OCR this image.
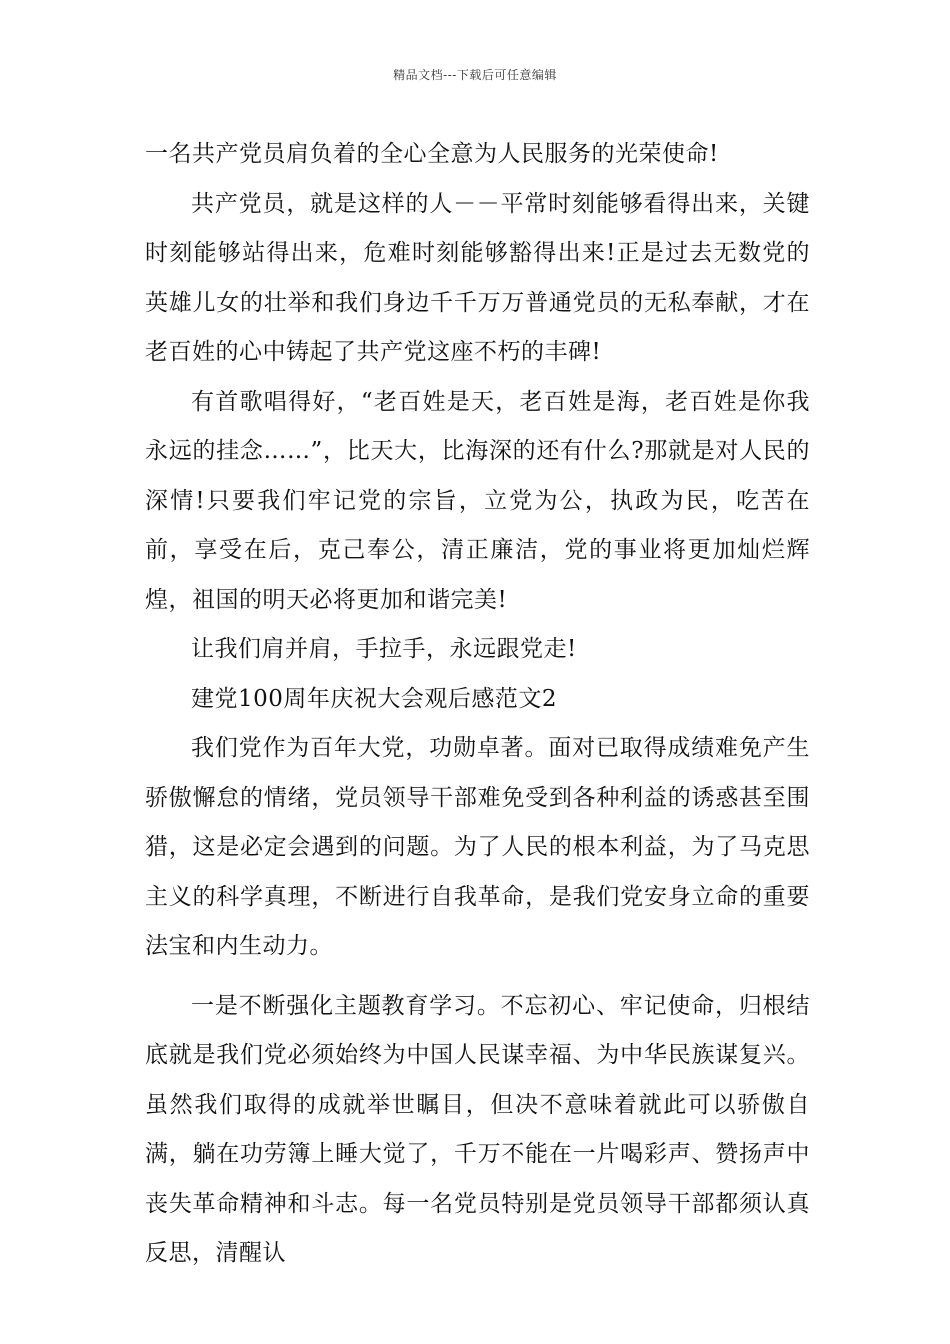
精品文档---下载后可任意编辑

一名共产党员肩负着的全心全意为人民服务的光荣使命!

共产党员，就是这样的人－－平常时刻能够看得出来，关键时刻能够站得出来，危难时刻能够豁得出来!正是过去无数党的英雄儿女的壮举和我们身边千千万万普通党员的无私奉献，才在老百姓的心中铸起了共产党这座不朽的丰碑!

有首歌唱得好，“老百姓是天，老百姓是海，老百姓是你我永远的挂念……”，比天大，比海深的还有什么?那就是对人民的深情!只要我们牢记党的宗旨，立党为公，执政为民，吃苦在前，享受在后，克己奉公，清正廉洁，党的事业将更加灿烂辉煌，祖国的明天必将更加和谐完美!

让我们肩并肩，手拉手，永远跟党走!

建党100周年庆祝大会观后感范文2

我们党作为百年大党，功勋卓著。面对已取得成绩难免产生骄傲懈怠的情绪，党员领导干部难免受到各种利益的诱惑甚至围猎，这是必定会遇到的问题。为了人民的根本利益，为了马克思主义的科学真理，不断进行自我革命，是我们党安身立命的重要法宝和内生动力。

一是不断强化主题教育学习。不忘初心、牢记使命，归根结底就是我们党必须始终为中国人民谋幸福、为中华民族谋复兴。虽然我们取得的成就举世瞩目，但决不意味着就此可以骄傲自满，躺在功劳簿上睡大觉了，千万不能在一片喝彩声、赞扬声中丧失革命精神和斗志。每一名党员特别是党员领导干部都须认真反思，清醒认
